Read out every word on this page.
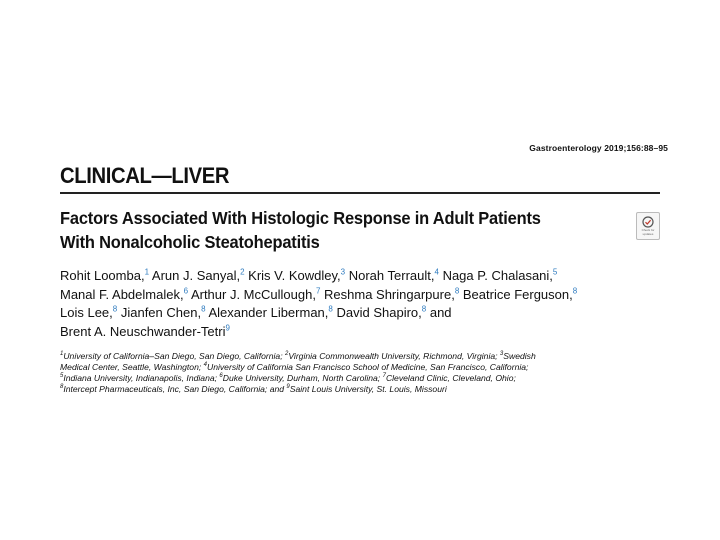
Gastroenterology 2019;156:88–95
CLINICAL—LIVER
Factors Associated With Histologic Response in Adult Patients
With Nonalcoholic Steatohepatitis
Check for updates
Rohit Loomba,$^1$ Arun J. Sanyal,$^2$ Kris V. Kowdley,$^3$ Norah Terrault,$^4$ Naga P. Chalasani,$^5$
Manal F. Abdelmalek,$^6$ Arthur J. McCullough,$^7$ Reshma Shringarpure,$^8$ Beatrice Ferguson,$^8$
Lois Lee,$^8$ Jianfen Chen,$^8$ Alexander Liberman,$^8$ David Shapiro,$^8$ and
Brent A. Neuschwander-Tetri$^9$
$^1$University of California–San Diego, San Diego, California; $^2$Virginia Commonwealth University, Richmond, Virginia; $^3$Swedish
Medical Center, Seattle, Washington; $^4$University of California San Francisco School of Medicine, San Francisco, California;
$^5$Indiana University, Indianapolis, Indiana; $^6$Duke University, Durham, North Carolina; $^7$Cleveland Clinic, Cleveland, Ohio;
$^8$Intercept Pharmaceuticals, Inc, San Diego, California; and $^9$Saint Louis University, St. Louis, Missouri
